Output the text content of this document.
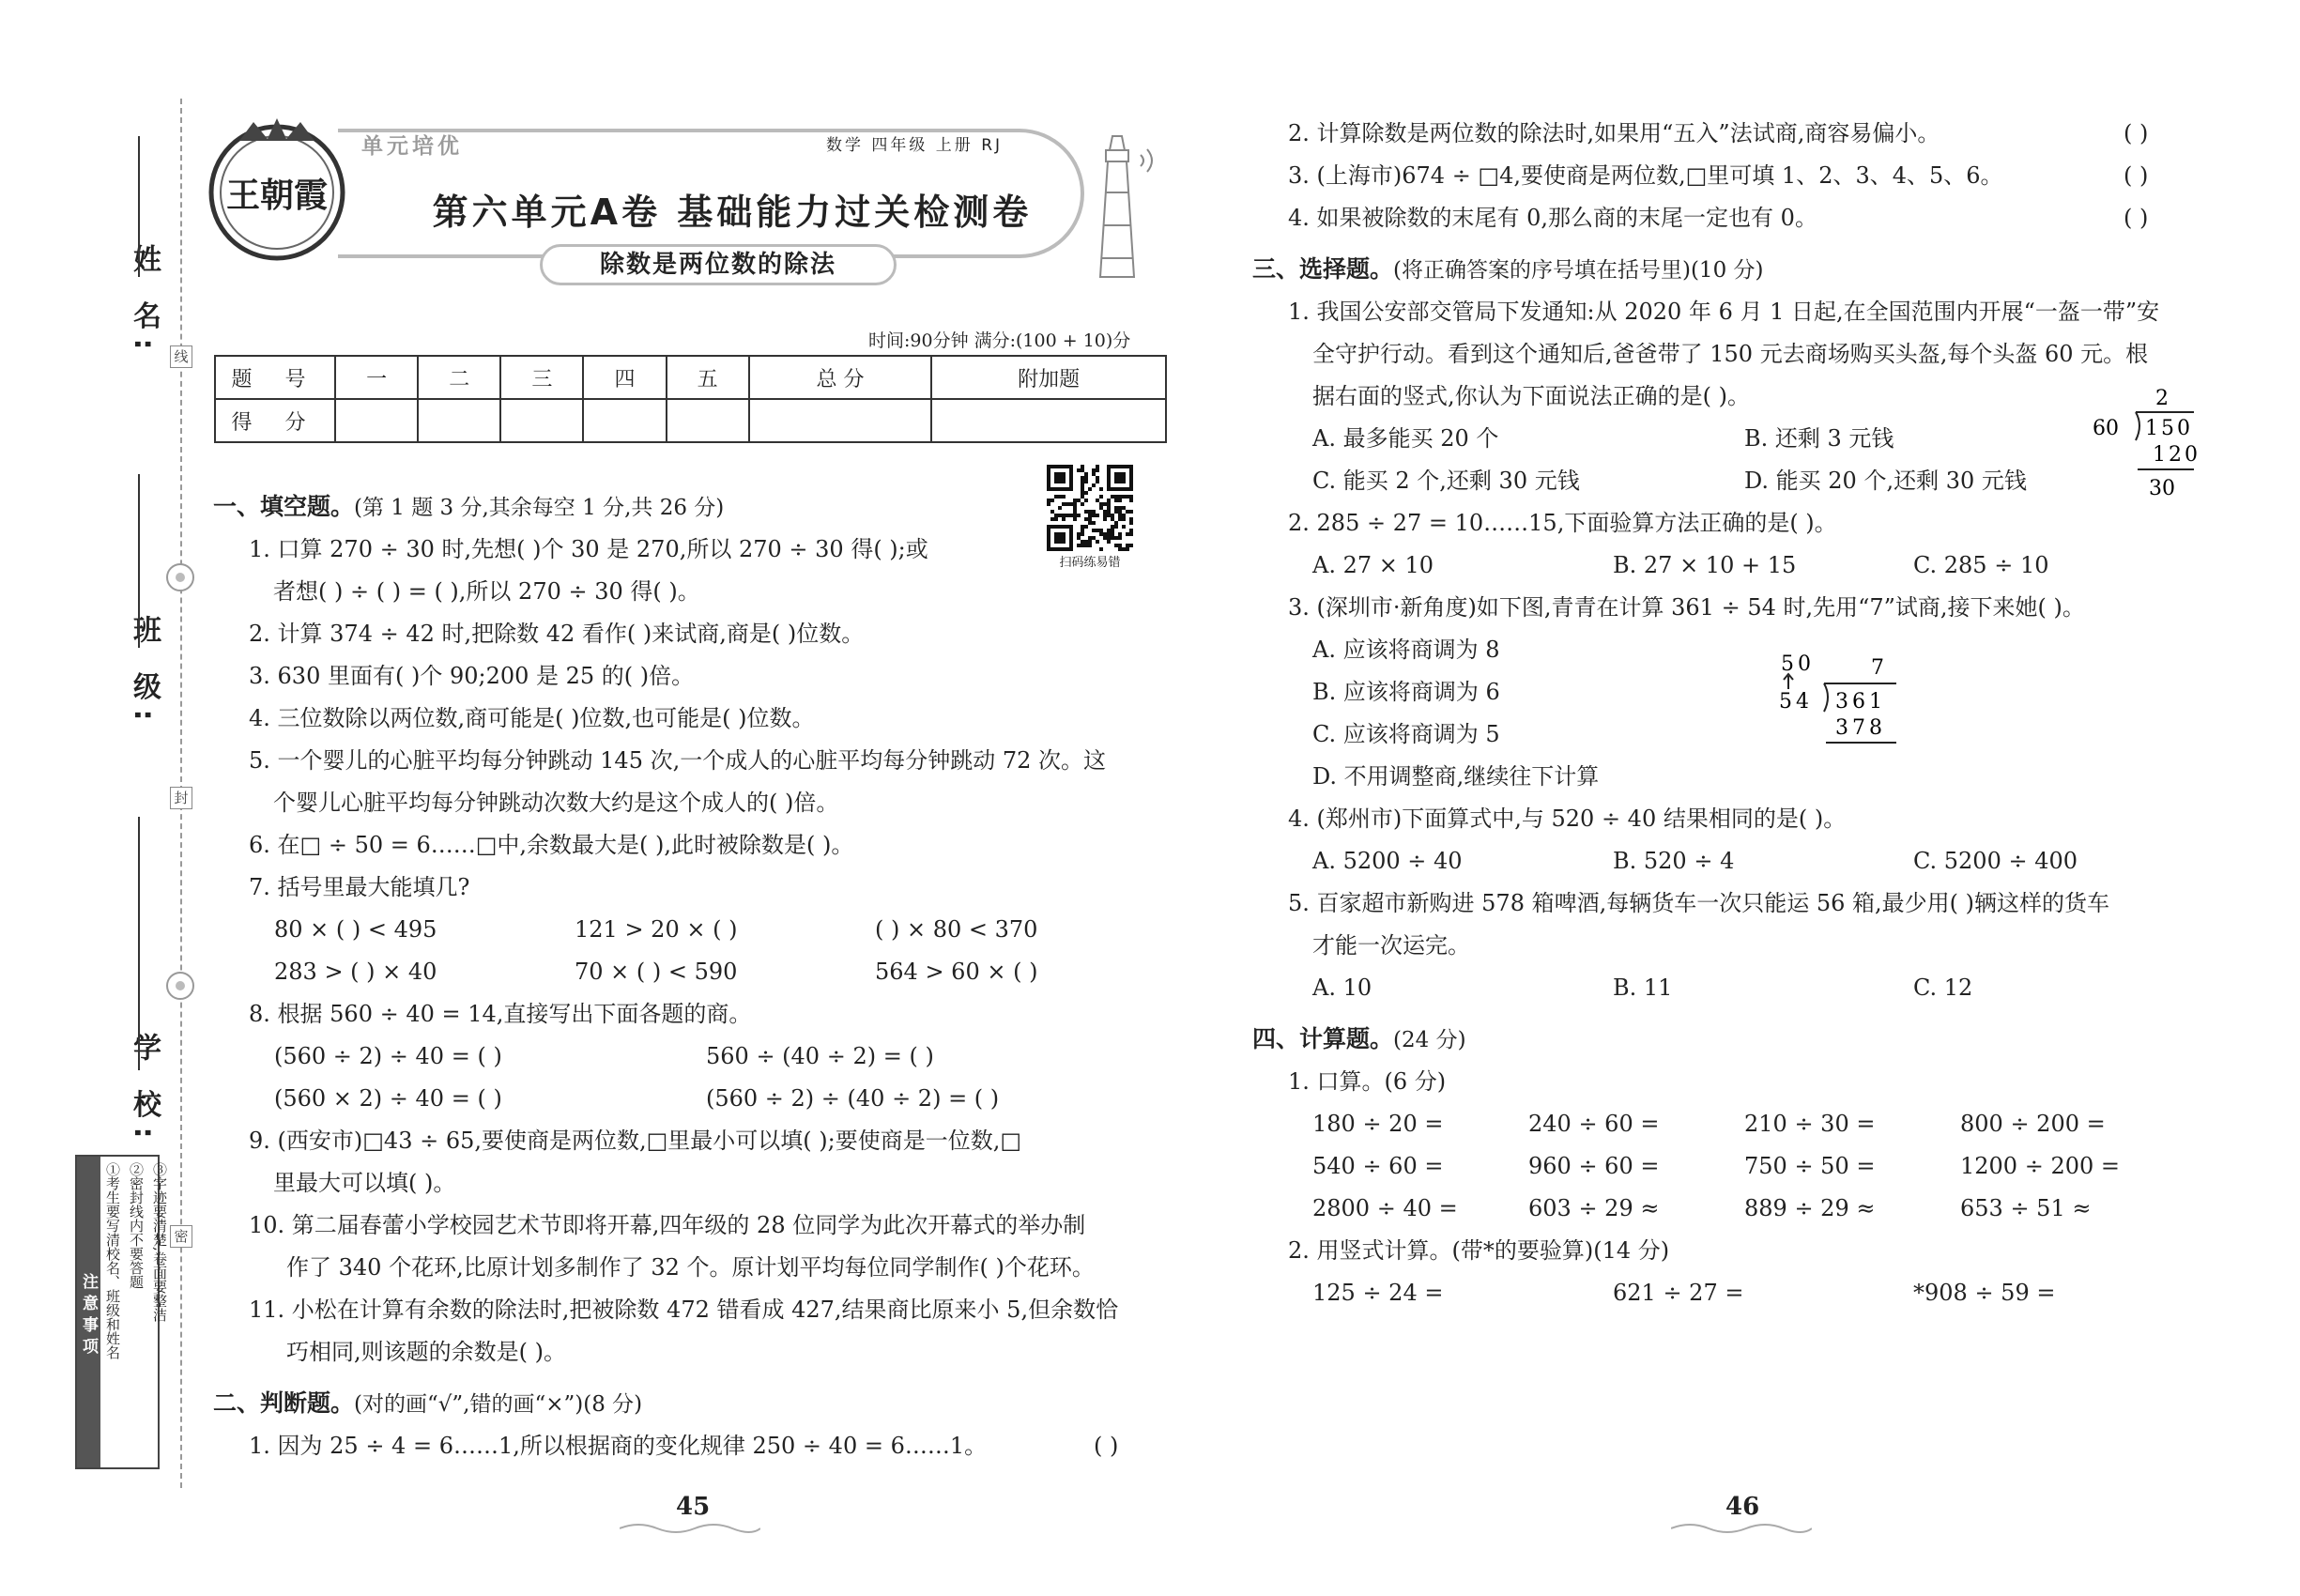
线
封
密
姓 名:
班 级:
学 校:
注意事项 ①考生要写清校名、班级和姓名 ②密封线内不要答题 ③字迹要清楚,卷面要整洁
王朝霞
单元培优	数学 四年级 上册 RJ
第六单元A卷 基础能力过关检测卷
除数是两位数的除法
时间:90分钟 满分:(100 + 10)分
题 号	一	二	三	四	五	总 分	附加题
得 分							
扫码练易错
一、填空题。(第 1 题 3 分,其余每空 1 分,共 26 分)
1. 口算 270 ÷ 30 时,先想( )个 30 是 270,所以 270 ÷ 30 得( );或
者想( ) ÷ ( ) = ( ),所以 270 ÷ 30 得( )。
2. 计算 374 ÷ 42 时,把除数 42 看作( )来试商,商是( )位数。
3. 630 里面有( )个 90;200 是 25 的( )倍。
4. 三位数除以两位数,商可能是( )位数,也可能是( )位数。
5. 一个婴儿的心脏平均每分钟跳动 145 次,一个成人的心脏平均每分钟跳动 72 次。这
个婴儿心脏平均每分钟跳动次数大约是这个成人的( )倍。
6. 在□ ÷ 50 = 6……□中,余数最大是( ),此时被除数是( )。
7. 括号里最大能填几?
80 × ( ) < 495	121 > 20 × ( )	( ) × 80 < 370
283 > ( ) × 40	70 × ( ) < 590	564 > 60 × ( )
8. 根据 560 ÷ 40 = 14,直接写出下面各题的商。
(560 ÷ 2) ÷ 40 = ( )	560 ÷ (40 ÷ 2) = ( )
(560 × 2) ÷ 40 = ( )	(560 ÷ 2) ÷ (40 ÷ 2) = ( )
9. (西安市)□43 ÷ 65,要使商是两位数,□里最小可以填( );要使商是一位数,□
里最大可以填( )。
10. 第二届春蕾小学校园艺术节即将开幕,四年级的 28 位同学为此次开幕式的举办制
作了 340 个花环,比原计划多制作了 32 个。原计划平均每位同学制作( )个花环。
11. 小松在计算有余数的除法时,把被除数 472 错看成 427,结果商比原来小 5,但余数恰
巧相同,则该题的余数是( )。
二、判断题。(对的画“√”,错的画“×”)(8 分)
1. 因为 25 ÷ 4 = 6……1,所以根据商的变化规律 250 ÷ 40 = 6……1。	( )
2. 计算除数是两位数的除法时,如果用“五入”法试商,商容易偏小。	( )
3. (上海市)674 ÷ □4,要使商是两位数,□里可填 1、2、3、4、5、6。	( )
4. 如果被除数的末尾有 0,那么商的末尾一定也有 0。	( )
三、选择题。(将正确答案的序号填在括号里)(10 分)
1. 我国公安部交管局下发通知:从 2020 年 6 月 1 日起,在全国范围内开展“一盔一带”安
全守护行动。看到这个通知后,爸爸带了 150 元去商场购买头盔,每个头盔 60 元。根
据右面的竖式,你认为下面说法正确的是( )。
A. 最多能买 20 个	B. 还剩 3 元钱
C. 能买 2 个,还剩 30 元钱	D. 能买 20 个,还剩 30 元钱
2. 285 ÷ 27 = 10……15,下面验算方法正确的是( )。
A. 27 × 10	B. 27 × 10 + 15	C. 285 ÷ 10
3. (深圳市·新角度)如下图,青青在计算 361 ÷ 54 时,先用“7”试商,接下来她( )。
A. 应该将商调为 8
B. 应该将商调为 6
C. 应该将商调为 5
D. 不用调整商,继续往下计算
4. (郑州市)下面算式中,与 520 ÷ 40 结果相同的是( )。
A. 5200 ÷ 40	B. 520 ÷ 4	C. 5200 ÷ 400
5. 百家超市新购进 578 箱啤酒,每辆货车一次只能运 56 箱,最少用( )辆这样的货车
才能一次运完。
A. 10	B. 11	C. 12
四、计算题。(24 分)
1. 口算。(6 分)
180 ÷ 20 =	240 ÷ 60 =	210 ÷ 30 =	800 ÷ 200 =
540 ÷ 60 =	960 ÷ 60 =	750 ÷ 50 =	1200 ÷ 200 =
2800 ÷ 40 =	603 ÷ 29 ≈	889 ÷ 29 ≈	653 ÷ 51 ≈
2. 用竖式计算。(带*的要验算)(14 分)
125 ÷ 24 =	621 ÷ 27 =	*908 ÷ 59 =
2
60 150
120
30
50	7
54 361
378
45	46
